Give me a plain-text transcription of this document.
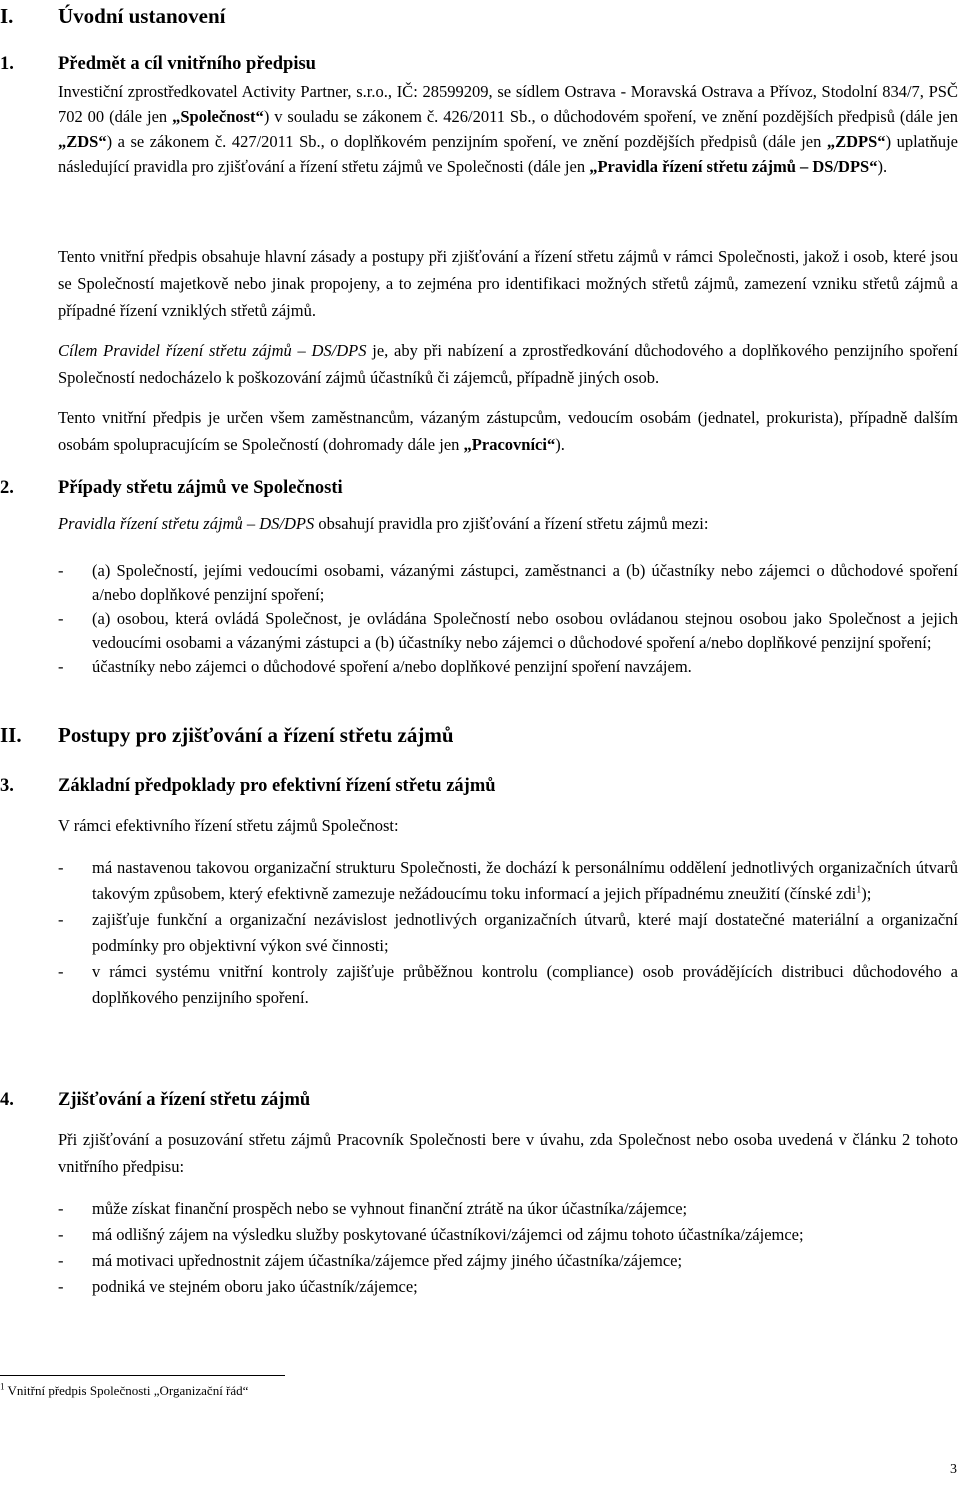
I. Úvodní ustanovení
1. Předmět a cíl vnitřního předpisu

Investiční zprostředkovatel Activity Partner, s.r.o., IČ: 28599209, se sídlem Ostrava - Moravská Ostrava a Přívoz, Stodolní 834/7, PSČ 702 00 (dále jen „Společnost“) v souladu se zákonem č. 426/2011 Sb., o důchodovém spoření, ve znění pozdějších předpisů (dále jen „ZDS“) a se zákonem č. 427/2011 Sb., o doplňkovém penzijním spoření, ve znění pozdějších předpisů (dále jen „ZDPS“) uplatňuje následující pravidla pro zjišťování a řízení střetu zájmů ve Společnosti (dále jen „Pravidla řízení střetu zájmů – DS/DPS“).

Tento vnitřní předpis obsahuje hlavní zásady a postupy při zjišťování a řízení střetu zájmů v rámci Společnosti, jakož i osob, které jsou se Společností majetkově nebo jinak propojeny, a to zejména pro identifikaci možných střetů zájmů, zamezení vzniku střetů zájmů a případné řízení vzniklých střetů zájmů.

Cílem Pravidel řízení střetu zájmů – DS/DPS je, aby při nabízení a zprostředkování důchodového a doplňkového penzijního spoření Společností nedocházelo k poškozování zájmů účastníků či zájemců, případně jiných osob.

Tento vnitřní předpis je určen všem zaměstnancům, vázaným zástupcům, vedoucím osobám (jednatel, prokurista), případně dalším osobám spolupracujícím se Společností (dohromady dále jen „Pracovníci“).

2. Případy střetu zájmů ve Společnosti

Pravidla řízení střetu zájmů – DS/DPS obsahují pravidla pro zjišťování a řízení střetu zájmů mezi:

- (a) Společností, jejími vedoucími osobami, vázanými zástupci, zaměstnanci a (b) účastníky nebo zájemci o důchodové spoření a/nebo doplňkové penzijní spoření;
- (a) osobou, která ovládá Společnost, je ovládána Společností nebo osobou ovládanou stejnou osobou jako Společnost a jejich vedoucími osobami a vázanými zástupci a (b) účastníky nebo zájemci o důchodové spoření a/nebo doplňkové penzijní spoření;
- účastníky nebo zájemci o důchodové spoření a/nebo doplňkové penzijní spoření navzájem.
II. Postupy pro zjišťování a řízení střetu zájmů
3. Základní předpoklady pro efektivní řízení střetu zájmů

V rámci efektivního řízení střetu zájmů Společnost:

- má nastavenou takovou organizační strukturu Společnosti, že dochází k personálnímu oddělení jednotlivých organizačních útvarů takovým způsobem, který efektivně zamezuje nežádoucímu toku informací a jejich případnému zneužití (čínské zdi$^1$);
- zajišťuje funkční a organizační nezávislost jednotlivých organizačních útvarů, které mají dostatečné materiální a organizační podmínky pro objektivní výkon své činnosti;
- v rámci systému vnitřní kontroly zajišťuje průběžnou kontrolu (compliance) osob provádějících distribuci důchodového a doplňkového penzijního spoření.
4. Zjišťování a řízení střetu zájmů

Při zjišťování a posuzování střetu zájmů Pracovník Společnosti bere v úvahu, zda Společnost nebo osoba uvedená v článku 2 tohoto vnitřního předpisu:

- může získat finanční prospěch nebo se vyhnout finanční ztrátě na úkor účastníka/zájemce;
- má odlišný zájem na výsledku služby poskytované účastníkovi/zájemci od zájmu tohoto účastníka/zájemce;
- má motivaci upřednostnit zájem účastníka/zájemce před zájmy jiného účastníka/zájemce;
- podniká ve stejném oboru jako účastník/zájemce;
$^1$ Vnitřní předpis Společnosti „Organizační řád“
3
